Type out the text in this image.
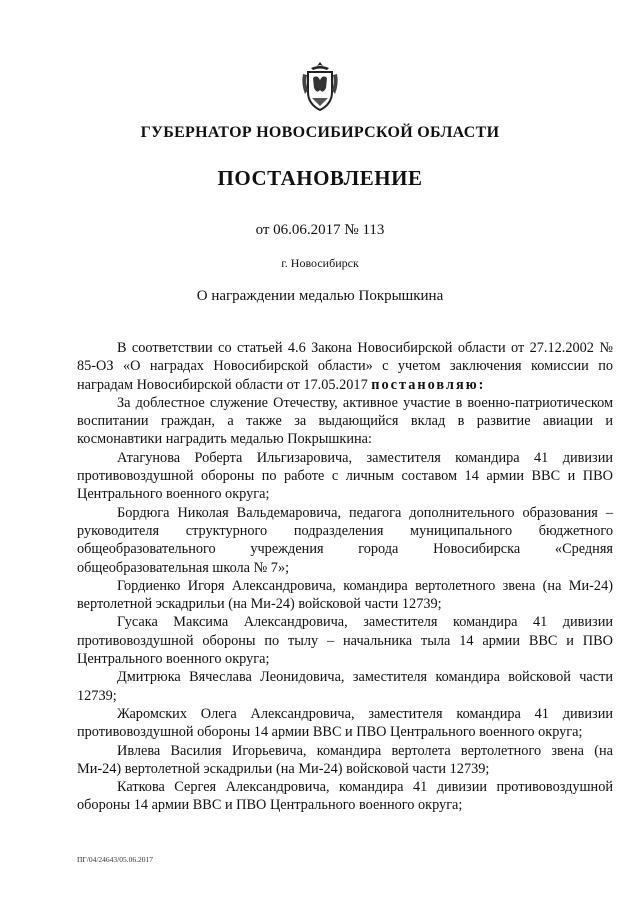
ГУБЕРНАТОР НОВОСИБИРСКОЙ ОБЛАСТИ
ПОСТАНОВЛЕНИЕ
от 06.06.2017 № 113
г. Новосибирск
О награждении медалью Покрышкина

В соответствии со статьей 4.6 Закона Новосибирской области от 27.12.2002 № 85-ОЗ «О наградах Новосибирской области» с учетом заключения комиссии по наградам Новосибирской области от 17.05.2017 постановляю:

За доблестное служение Отечеству, активное участие в военно-патриотическом воспитании граждан, а также за выдающийся вклад в развитие авиации и космонавтики наградить медалью Покрышкина:

Атагунова Роберта Ильгизаровича, заместителя командира 41 дивизии противовоздушной обороны по работе с личным составом 14 армии ВВС и ПВО Центрального военного округа;

Бордюга Николая Вальдемаровича, педагога дополнительного образования – руководителя структурного подразделения муниципального бюджетного общеобразовательного учреждения города Новосибирска «Средняя общеобразовательная школа № 7»;

Гордиенко Игоря Александровича, командира вертолетного звена (на Ми-24) вертолетной эскадрильи (на Ми-24) войсковой части 12739;

Гусака Максима Александровича, заместителя командира 41 дивизии противовоздушной обороны по тылу – начальника тыла 14 армии ВВС и ПВО Центрального военного округа;

Дмитрюка Вячеслава Леонидовича, заместителя командира войсковой части 12739;

Жаромских Олега Александровича, заместителя командира 41 дивизии противовоздушной обороны 14 армии ВВС и ПВО Центрального военного округа;

Ивлева Василия Игорьевича, командира вертолета вертолетного звена (на Ми-24) вертолетной эскадрильи (на Ми-24) войсковой части 12739;

Каткова Сергея Александровича, командира 41 дивизии противовоздушной обороны 14 армии ВВС и ПВО Центрального военного округа;

ПГ/04/24643/05.06.2017
